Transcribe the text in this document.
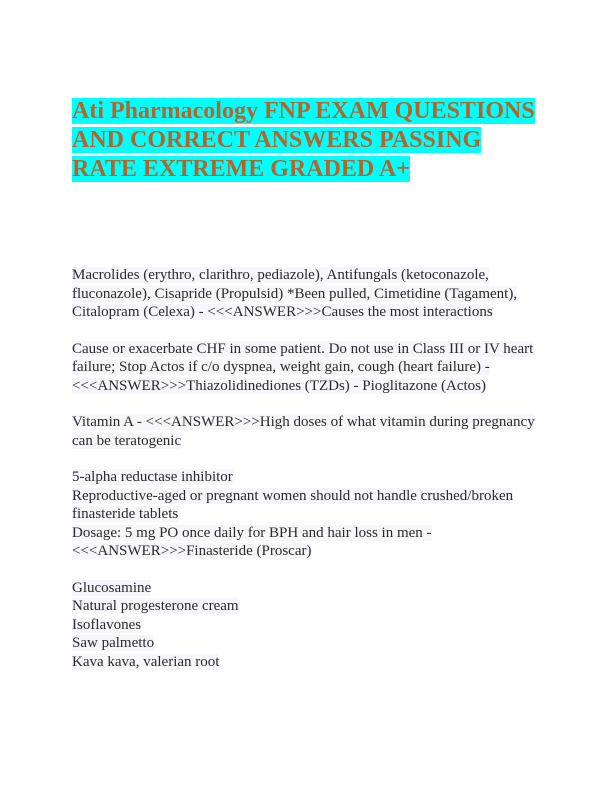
Ati Pharmacology FNP EXAM QUESTIONS AND CORRECT ANSWERS PASSING RATE EXTREME GRADED A+

Macrolides (erythro, clarithro, pediazole), Antifungals (ketoconazole, fluconazole), Cisapride (Propulsid) *Been pulled, Cimetidine (Tagament), Citalopram (Celexa) - <<<ANSWER>>>Causes the most interactions

Cause or exacerbate CHF in some patient. Do not use in Class III or IV heart failure; Stop Actos if c/o dyspnea, weight gain, cough (heart failure) - <<<ANSWER>>>Thiazolidinediones (TZDs) - Pioglitazone (Actos)

Vitamin A - <<<ANSWER>>>High doses of what vitamin during pregnancy can be teratogenic

5-alpha reductase inhibitor
Reproductive-aged or pregnant women should not handle crushed/broken finasteride tablets
Dosage: 5 mg PO once daily for BPH and hair loss in men - <<<ANSWER>>>Finasteride (Proscar)

Glucosamine
Natural progesterone cream
Isoflavones
Saw palmetto
Kava kava, valerian root
